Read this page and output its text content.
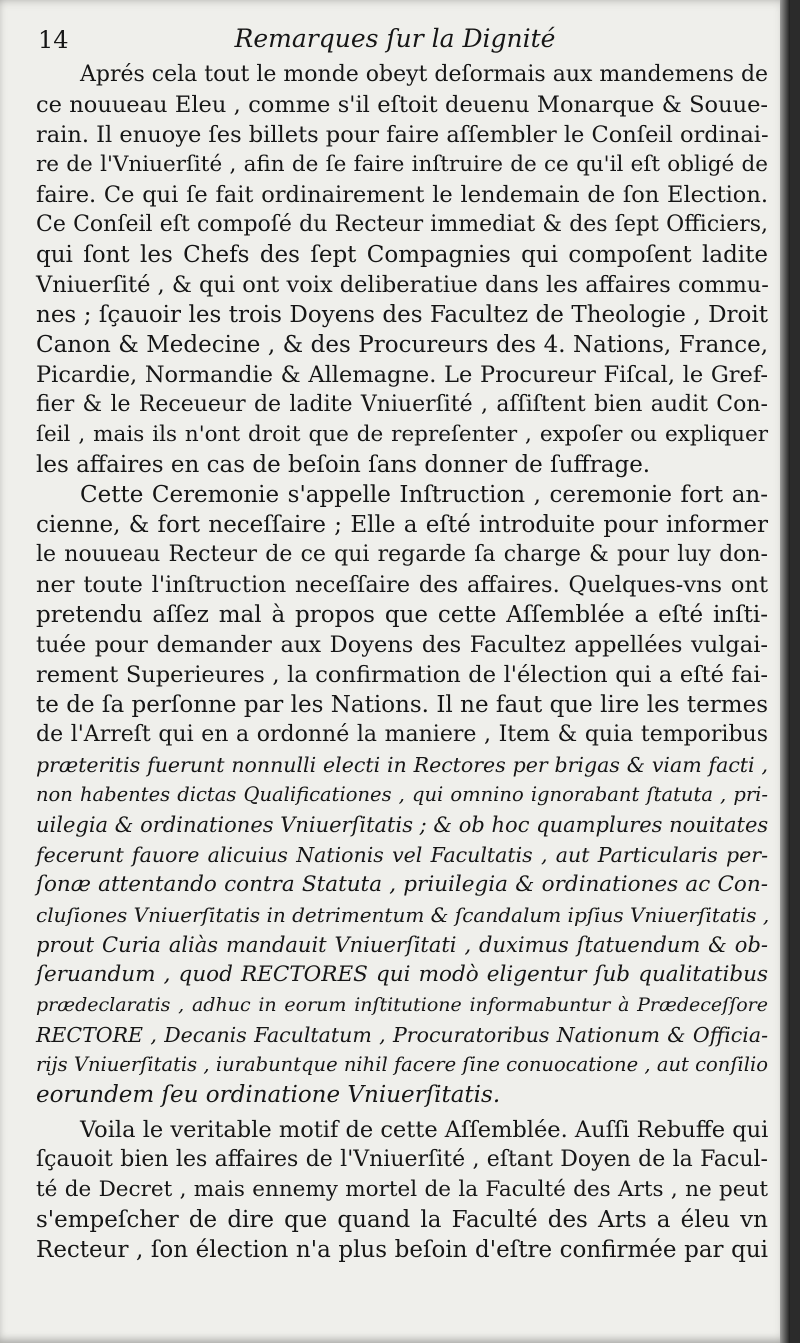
14	Remarques ſur la Dignité
Aprés cela tout le monde obeyt deſormais aux mandemens de
ce nouueau Eleu , comme s'il eſtoit deuenu Monarque & Souue-
rain. Il enuoye ſes billets pour faire aſſembler le Conſeil ordinai-
re de l'Vniuerſité , afin de ſe faire inſtruire de ce qu'il eſt obligé de
faire. Ce qui ſe fait ordinairement le lendemain de ſon Election.
Ce Conſeil eſt compoſé du Recteur immediat & des ſept Officiers,
qui ſont les Chefs des ſept Compagnies qui compoſent ladite
Vniuerſité , & qui ont voix deliberatiue dans les affaires commu-
nes ; ſçauoir les trois Doyens des Facultez de Theologie , Droit
Canon & Medecine , & des Procureurs des 4. Nations, France,
Picardie, Normandie & Allemagne. Le Procureur Fiſcal, le Gref-
fier & le Receueur de ladite Vniuerſité , aſſiſtent bien audit Con-
ſeil , mais ils n'ont droit que de repreſenter , expoſer ou expliquer
les affaires en cas de beſoin ſans donner de ſuffrage.
Cette Ceremonie s'appelle Inſtruction , ceremonie fort an-
cienne, & fort neceſſaire ; Elle a eſté introduite pour informer
le nouueau Recteur de ce qui regarde ſa charge & pour luy don-
ner toute l'inſtruction neceſſaire des affaires. Quelques-vns ont
pretendu aſſez mal à propos que cette Aſſemblée a eſté inſti-
tuée pour demander aux Doyens des Facultez appellées vulgai-
rement Superieures , la confirmation de l'élection qui a eſté fai-
te de ſa perſonne par les Nations. Il ne faut que lire les termes
de l'Arreſt qui en a ordonné la maniere , Item & quia temporibus
præteritis fuerunt nonnulli electi in Rectores per brigas & viam facti ,
non habentes dictas Qualificationes , qui omnino ignorabant ſtatuta , pri-
uilegia & ordinationes Vniuerſitatis ; & ob hoc quamplures nouitates
fecerunt fauore alicuius Nationis vel Facultatis , aut Particularis per-
ſonæ attentando contra Statuta , priuilegia & ordinationes ac Con-
cluſiones Vniuerſitatis in detrimentum & ſcandalum ipſius Vniuerſitatis ,
prout Curia aliàs mandauit Vniuerſitati , duximus ſtatuendum & ob-
ſeruandum , quod RECTORES qui modò eligentur ſub qualitatibus
prædeclaratis , adhuc in eorum inſtitutione informabuntur à Prædeceſſore
RECTORE , Decanis Facultatum , Procuratoribus Nationum & Officia-
rijs Vniuerſitatis , iurabuntque nihil facere ſine conuocatione , aut conſilio
eorundem ſeu ordinatione Vniuerſitatis.
Voila le veritable motif de cette Aſſemblée. Auſſi Rebuffe qui
ſçauoit bien les affaires de l'Vniuerſité , eſtant Doyen de la Facul-
té de Decret , mais ennemy mortel de la Faculté des Arts , ne peut
s'empeſcher de dire que quand la Faculté des Arts a éleu vn
Recteur , ſon élection n'a plus beſoin d'eſtre confirmée par qui
